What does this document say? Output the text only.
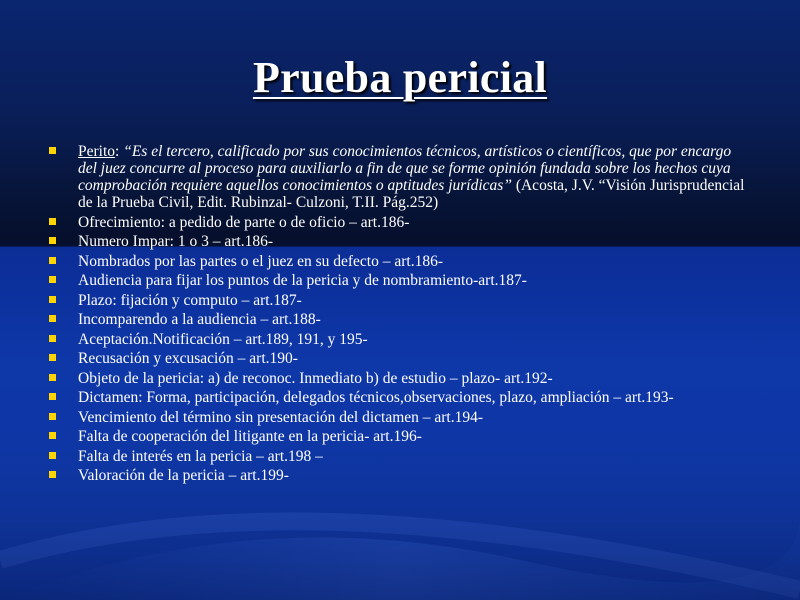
Prueba pericial
Perito: “Es el tercero, calificado por sus conocimientos técnicos, artísticos o científicos, que por encargo del juez concurre al proceso para auxiliarlo a fin de que se forme opinión fundada sobre los hechos cuya comprobación requiere aquellos conocimientos o aptitudes jurídicas” (Acosta, J.V. “Visión Jurisprudencial de la Prueba Civil, Edit. Rubinzal- Culzoni, T.II. Pág.252)
Ofrecimiento: a pedido de parte o de oficio – art.186-
Numero Impar: 1 o 3 – art.186-
Nombrados por las partes o el juez en su defecto – art.186-
Audiencia para fijar los puntos de la pericia y de nombramiento-art.187-
Plazo: fijación y computo – art.187-
Incomparendo a la audiencia – art.188-
Aceptación.Notificación – art.189, 191, y 195-
Recusación y excusación – art.190-
Objeto de la pericia: a) de reconoc. Inmediato b) de estudio – plazo- art.192-
Dictamen: Forma, participación, delegados técnicos,observaciones, plazo, ampliación – art.193-
Vencimiento del término sin presentación del dictamen – art.194-
Falta de cooperación del litigante en la pericia- art.196-
Falta de interés en la pericia – art.198 –
Valoración de la pericia – art.199-
